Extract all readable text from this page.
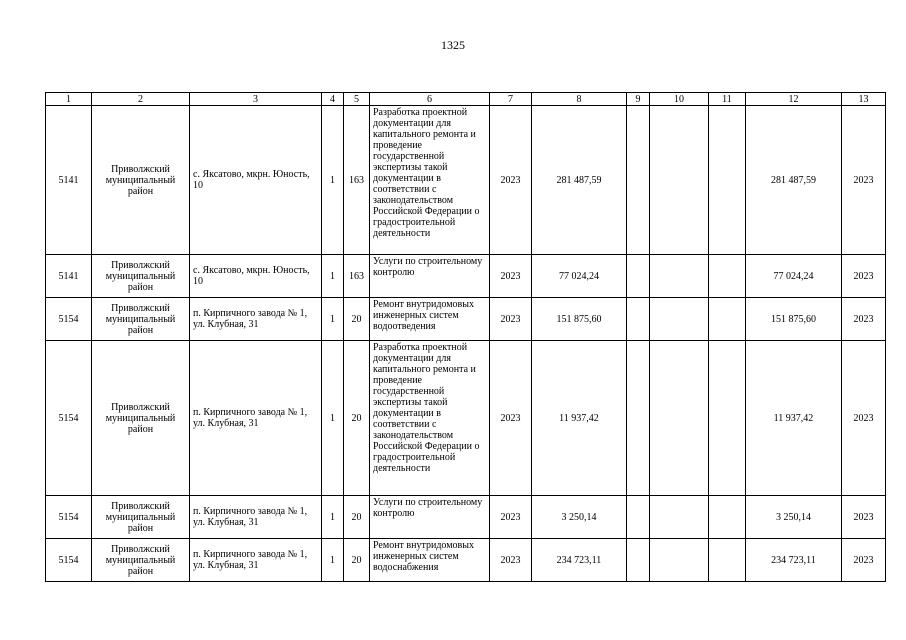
1325
1	2	3	4	5	6	7	8	9	10	11	12	13
5141	Приволжский муниципальный район	с. Яксатово, мкрн. Юность, 10	1	163	Разработка проектной документации для капитального ремонта и проведение государственной экспертизы такой документации в соответствии с законодательством Российской Федерации о градостроительной деятельности	2023	281 487,59				281 487,59	2023
5141	Приволжский муниципальный район	с. Яксатово, мкрн. Юность, 10	1	163	Услуги по строительному контролю	2023	77 024,24				77 024,24	2023
5154	Приволжский муниципальный район	п. Кирпичного завода № 1, ул. Клубная, 31	1	20	Ремонт внутридомовых инженерных систем водоотведения	2023	151 875,60				151 875,60	2023
5154	Приволжский муниципальный район	п. Кирпичного завода № 1, ул. Клубная, 31	1	20	Разработка проектной документации для капитального ремонта и проведение государственной экспертизы такой документации в соответствии с законодательством Российской Федерации о градостроительной деятельности	2023	11 937,42				11 937,42	2023
5154	Приволжский муниципальный район	п. Кирпичного завода № 1, ул. Клубная, 31	1	20	Услуги по строительному контролю	2023	3 250,14				3 250,14	2023
5154	Приволжский муниципальный район	п. Кирпичного завода № 1, ул. Клубная, 31	1	20	Ремонт внутридомовых инженерных систем водоснабжения	2023	234 723,11				234 723,11	2023
